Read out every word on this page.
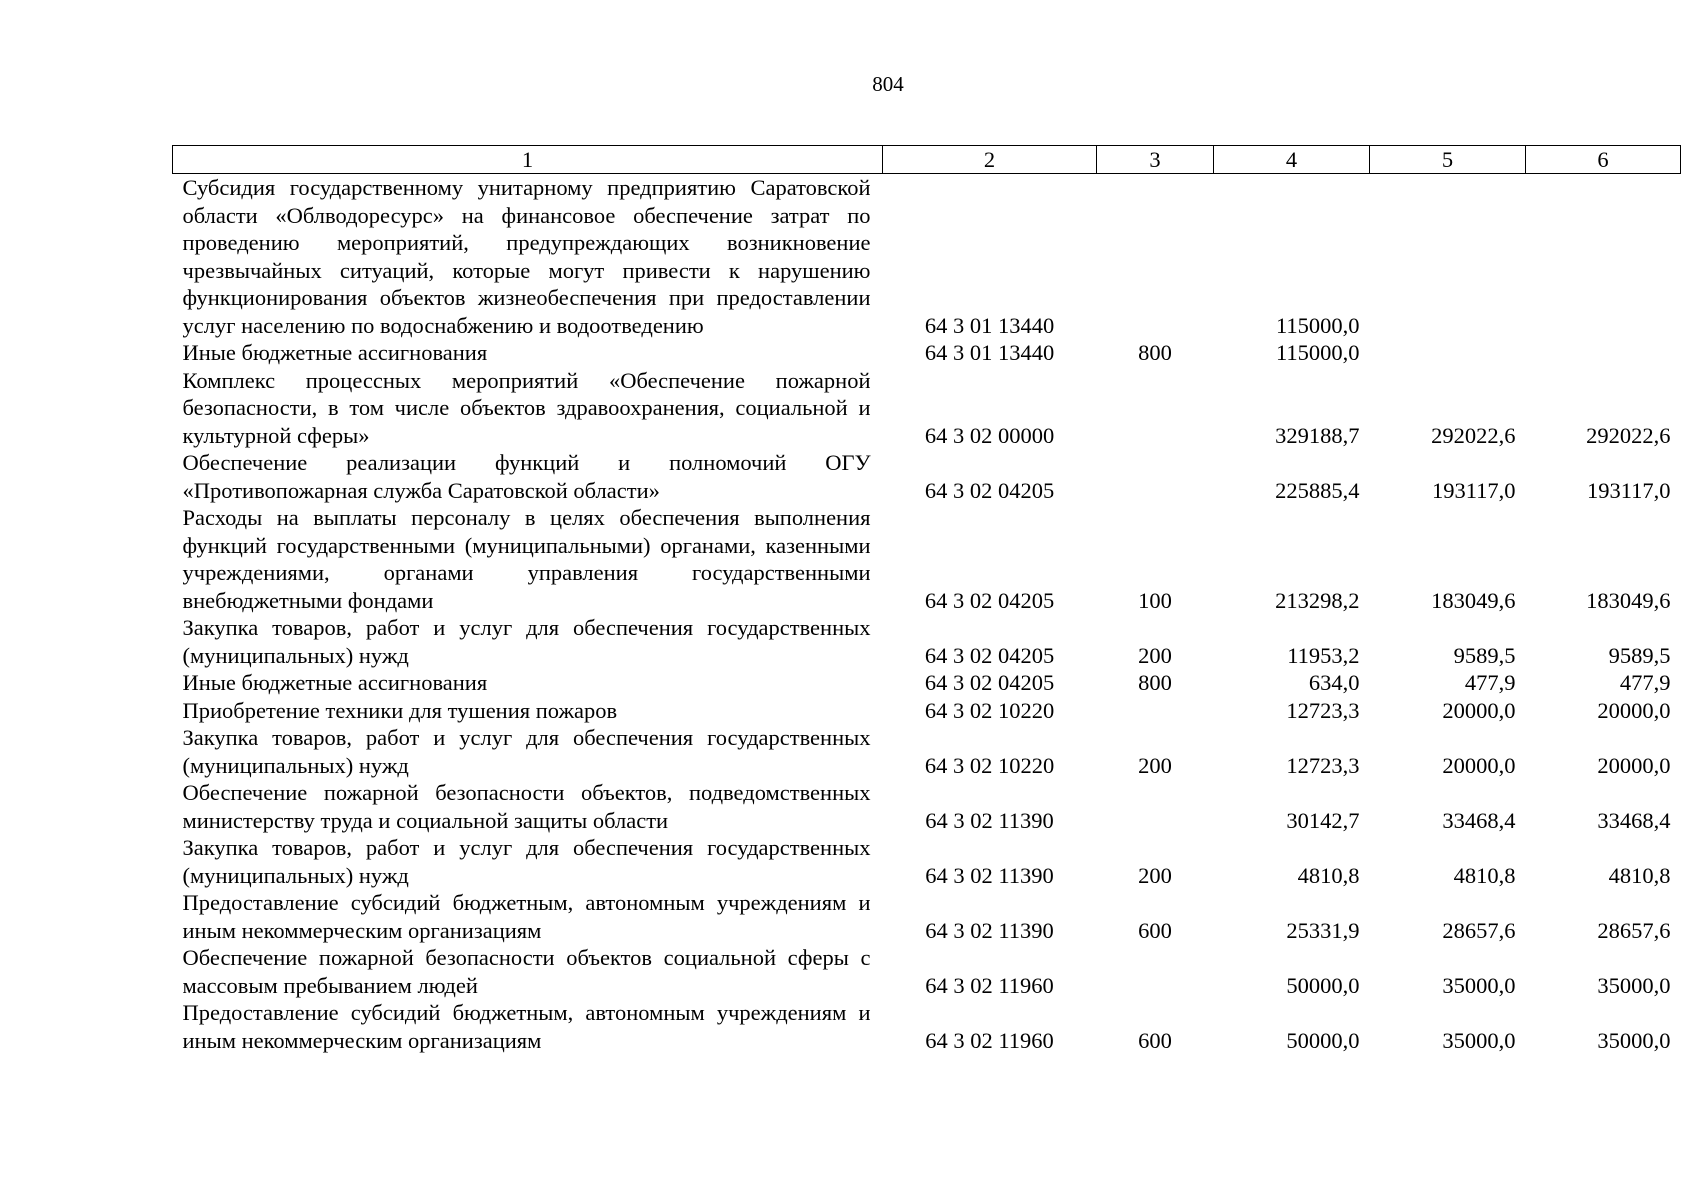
804
1	2	3	4	5	6
Субсидия государственному унитарному предприятию Саратовской области «Облводоресурс» на финансовое обеспечение затрат по проведению мероприятий, предупреждающих возникновение чрезвычайных ситуаций, которые могут привести к нарушению функционирования объектов жизнеобеспечения при предоставлении услуг населению по водоснабжению и водоотведению	64 3 01 13440		115000,0		
Иные бюджетные ассигнования	64 3 01 13440	800	115000,0		
Комплекс процессных мероприятий «Обеспечение пожарной безопасности, в том числе объектов здравоохранения, социальной и культурной сферы»	64 3 02 00000		329188,7	292022,6	292022,6
Обеспечение реализации функций и полномочий ОГУ «Противопожарная служба Саратовской области»	64 3 02 04205		225885,4	193117,0	193117,0
Расходы на выплаты персоналу в целях обеспечения выполнения функций государственными (муниципальными) органами, казенными учреждениями, органами управления государственными внебюджетными фондами	64 3 02 04205	100	213298,2	183049,6	183049,6
Закупка товаров, работ и услуг для обеспечения государственных (муниципальных) нужд	64 3 02 04205	200	11953,2	9589,5	9589,5
Иные бюджетные ассигнования	64 3 02 04205	800	634,0	477,9	477,9
Приобретение техники для тушения пожаров	64 3 02 10220		12723,3	20000,0	20000,0
Закупка товаров, работ и услуг для обеспечения государственных (муниципальных) нужд	64 3 02 10220	200	12723,3	20000,0	20000,0
Обеспечение пожарной безопасности объектов, подведомственных министерству труда и социальной защиты области	64 3 02 11390		30142,7	33468,4	33468,4
Закупка товаров, работ и услуг для обеспечения государственных (муниципальных) нужд	64 3 02 11390	200	4810,8	4810,8	4810,8
Предоставление субсидий бюджетным, автономным учреждениям и иным некоммерческим организациям	64 3 02 11390	600	25331,9	28657,6	28657,6
Обеспечение пожарной безопасности объектов социальной сферы с массовым пребыванием людей	64 3 02 11960		50000,0	35000,0	35000,0
Предоставление субсидий бюджетным, автономным учреждениям и иным некоммерческим организациям	64 3 02 11960	600	50000,0	35000,0	35000,0
